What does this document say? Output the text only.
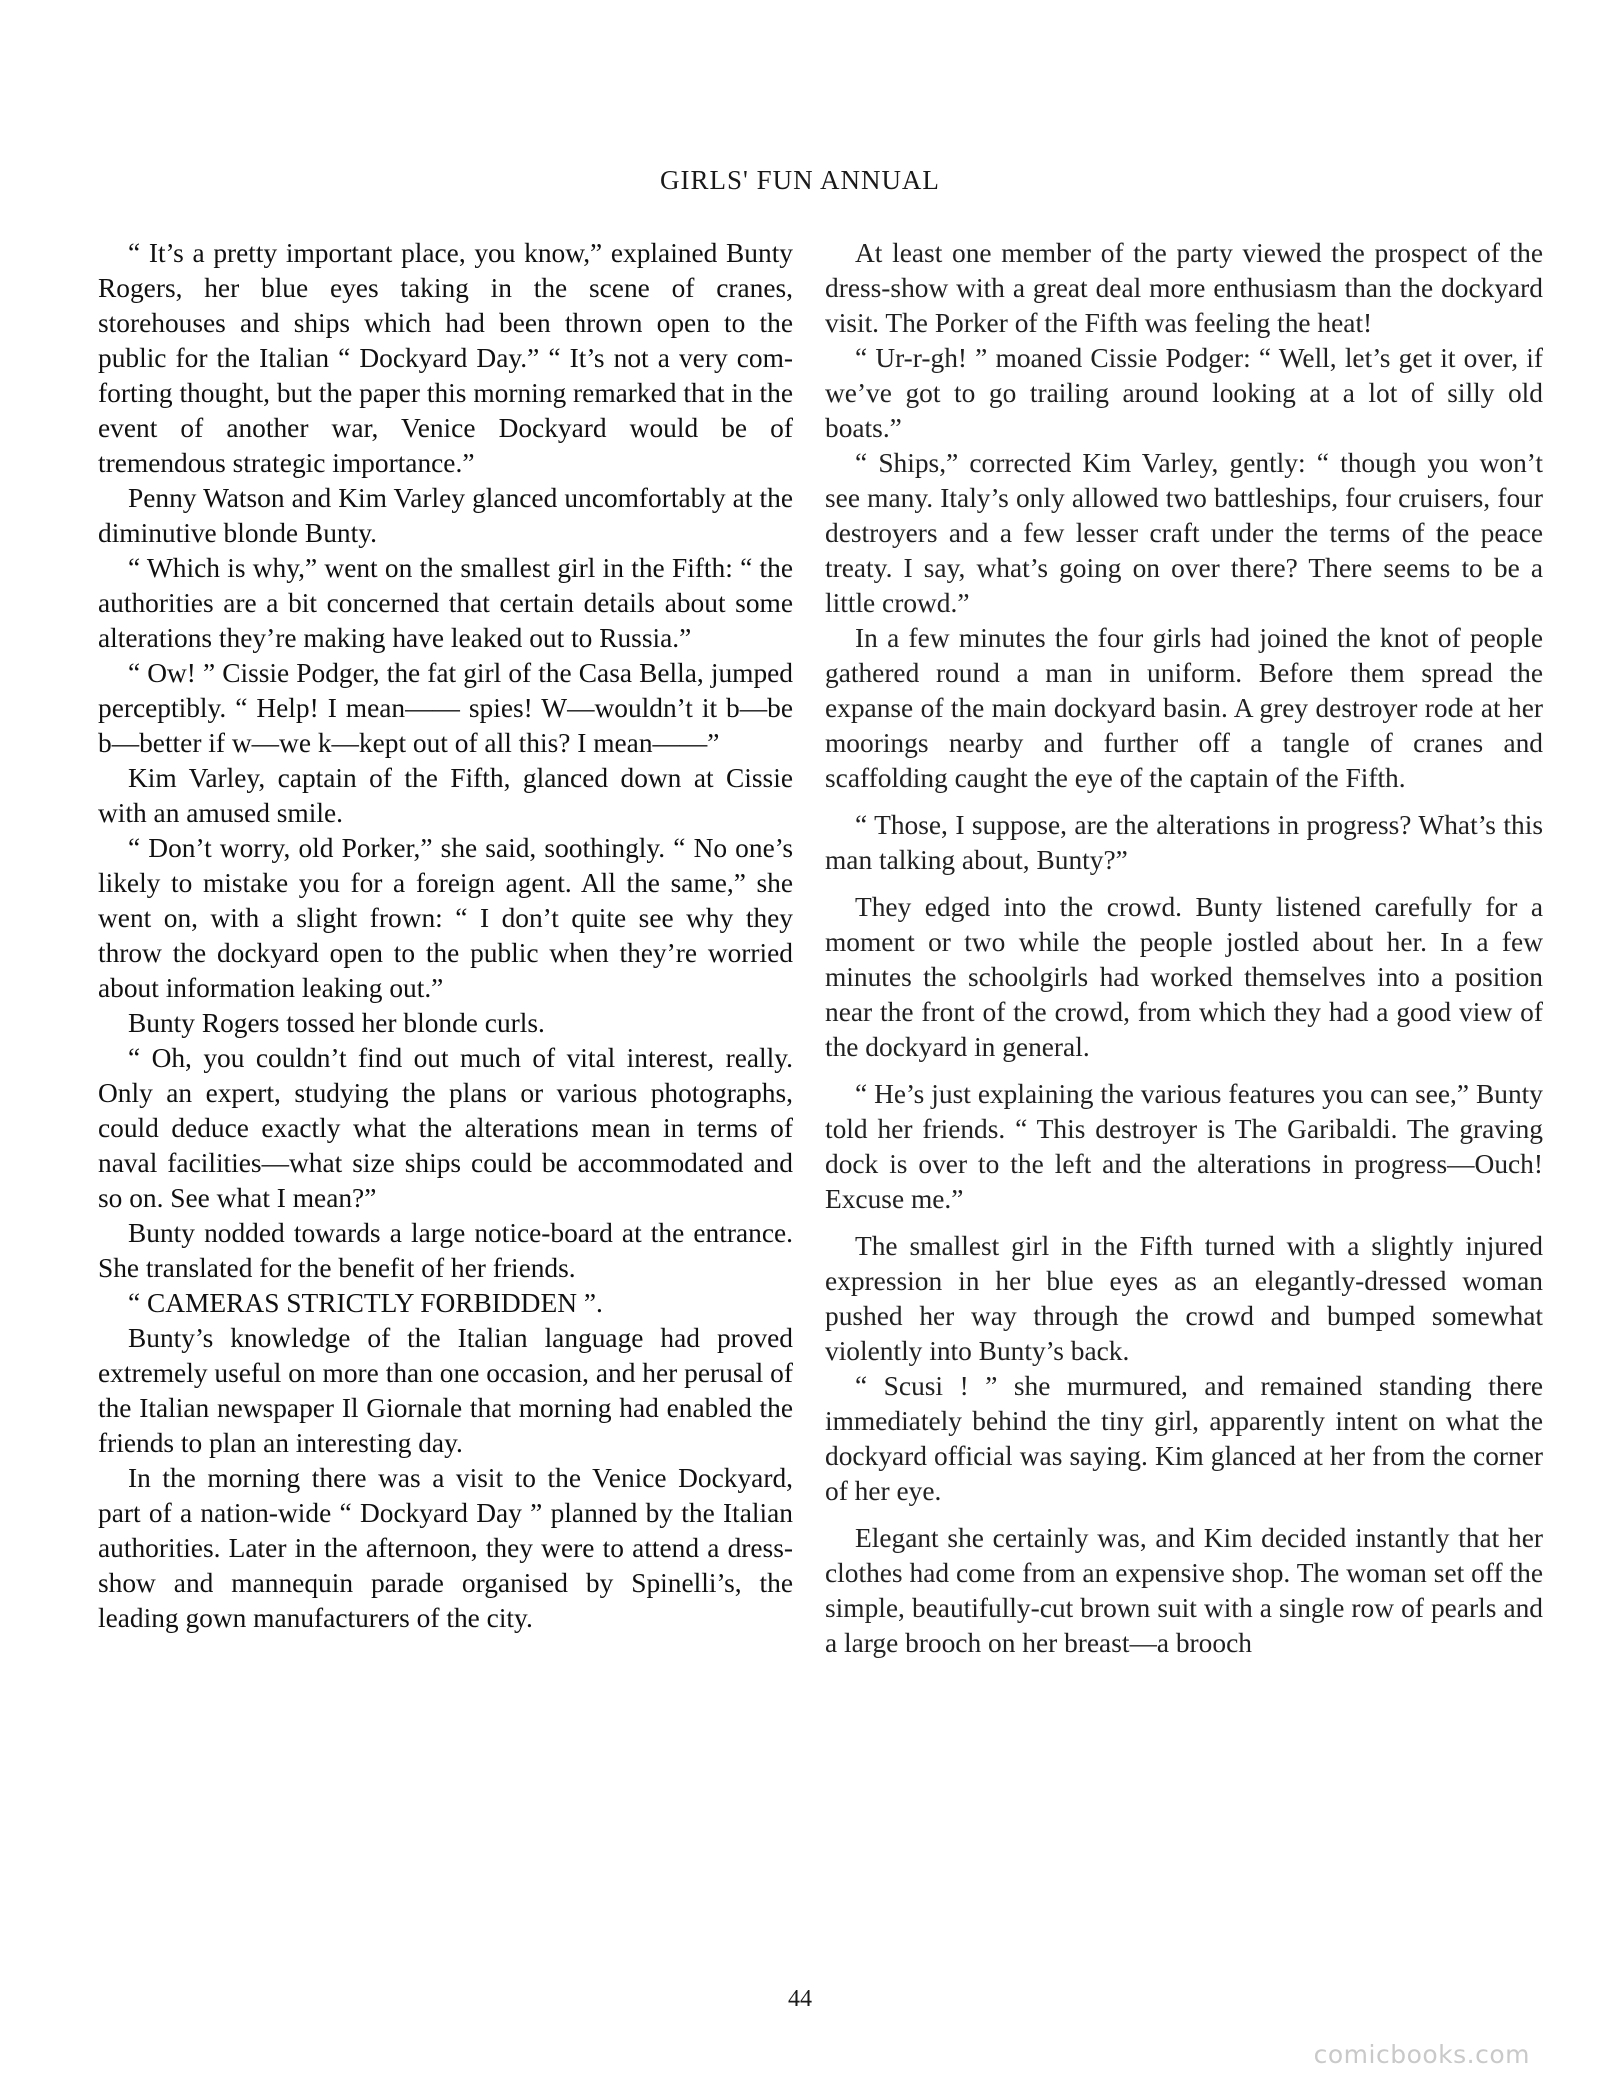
GIRLS' FUN ANNUAL

“ It’s a pretty important place, you know,” explained Bunty Rogers, her blue eyes taking in the scene of cranes, storehouses and ships which had been thrown open to the public for the Italian “ Dockyard Day.” “ It’s not a very comforting thought, but the paper this morning remarked that in the event of another war, Venice Dockyard would be of tremendous strategic importance.”

Penny Watson and Kim Varley glanced uncomfortably at the diminutive blonde Bunty.

“ Which is why,” went on the smallest girl in the Fifth: “ the authorities are a bit concerned that certain details about some alterations they’re making have leaked out to Russia.”

“ Ow! ” Cissie Podger, the fat girl of the Casa Bella, jumped perceptibly. “ Help! I mean—— spies! W—wouldn’t it b—be b—better if w—we k—kept out of all this? I mean——”

Kim Varley, captain of the Fifth, glanced down at Cissie with an amused smile.

“ Don’t worry, old Porker,” she said, soothingly. “ No one’s likely to mistake you for a foreign agent. All the same,” she went on, with a slight frown: “ I don’t quite see why they throw the dockyard open to the public when they’re worried about information leaking out.”

Bunty Rogers tossed her blonde curls.

“ Oh, you couldn’t find out much of vital interest, really. Only an expert, studying the plans or various photographs, could deduce exactly what the alterations mean in terms of naval facilities—what size ships could be accommodated and so on. See what I mean?”

Bunty nodded towards a large notice-board at the entrance. She translated for the benefit of her friends.

“ CAMERAS STRICTLY FORBIDDEN ”.

Bunty’s knowledge of the Italian language had proved extremely useful on more than one occasion, and her perusal of the Italian newspaper Il Giornale that morning had enabled the friends to plan an interesting day.

In the morning there was a visit to the Venice Dockyard, part of a nation-wide “ Dockyard Day ” planned by the Italian authorities. Later in the afternoon, they were to attend a dress-show and mannequin parade organised by Spinelli’s, the leading gown manufacturers of the city.

At least one member of the party viewed the prospect of the dress-show with a great deal more enthusiasm than the dockyard visit. The Porker of the Fifth was feeling the heat!

“ Ur-r-gh! ” moaned Cissie Podger: “ Well, let’s get it over, if we’ve got to go trailing around looking at a lot of silly old boats.”

“ Ships,” corrected Kim Varley, gently: “ though you won’t see many. Italy’s only allowed two battleships, four cruisers, four destroyers and a few lesser craft under the terms of the peace treaty. I say, what’s going on over there? There seems to be a little crowd.”

In a few minutes the four girls had joined the knot of people gathered round a man in uniform. Before them spread the expanse of the main dockyard basin. A grey destroyer rode at her moorings nearby and further off a tangle of cranes and scaffolding caught the eye of the captain of the Fifth.

“ Those, I suppose, are the alterations in progress? What’s this man talking about, Bunty?”

They edged into the crowd. Bunty listened carefully for a moment or two while the people jostled about her. In a few minutes the schoolgirls had worked themselves into a position near the front of the crowd, from which they had a good view of the dockyard in general.

“ He’s just explaining the various features you can see,” Bunty told her friends. “ This destroyer is The Garibaldi. The graving dock is over to the left and the alterations in progress—Ouch! Excuse me.”

The smallest girl in the Fifth turned with a slightly injured expression in her blue eyes as an elegantly-dressed woman pushed her way through the crowd and bumped somewhat violently into Bunty’s back.

“ Scusi ! ” she murmured, and remained standing there immediately behind the tiny girl, apparently intent on what the dockyard official was saying. Kim glanced at her from the corner of her eye.

Elegant she certainly was, and Kim decided instantly that her clothes had come from an expensive shop. The woman set off the simple, beautifully-cut brown suit with a single row of pearls and a large brooch on her breast—a brooch

44
comicbooks.com
